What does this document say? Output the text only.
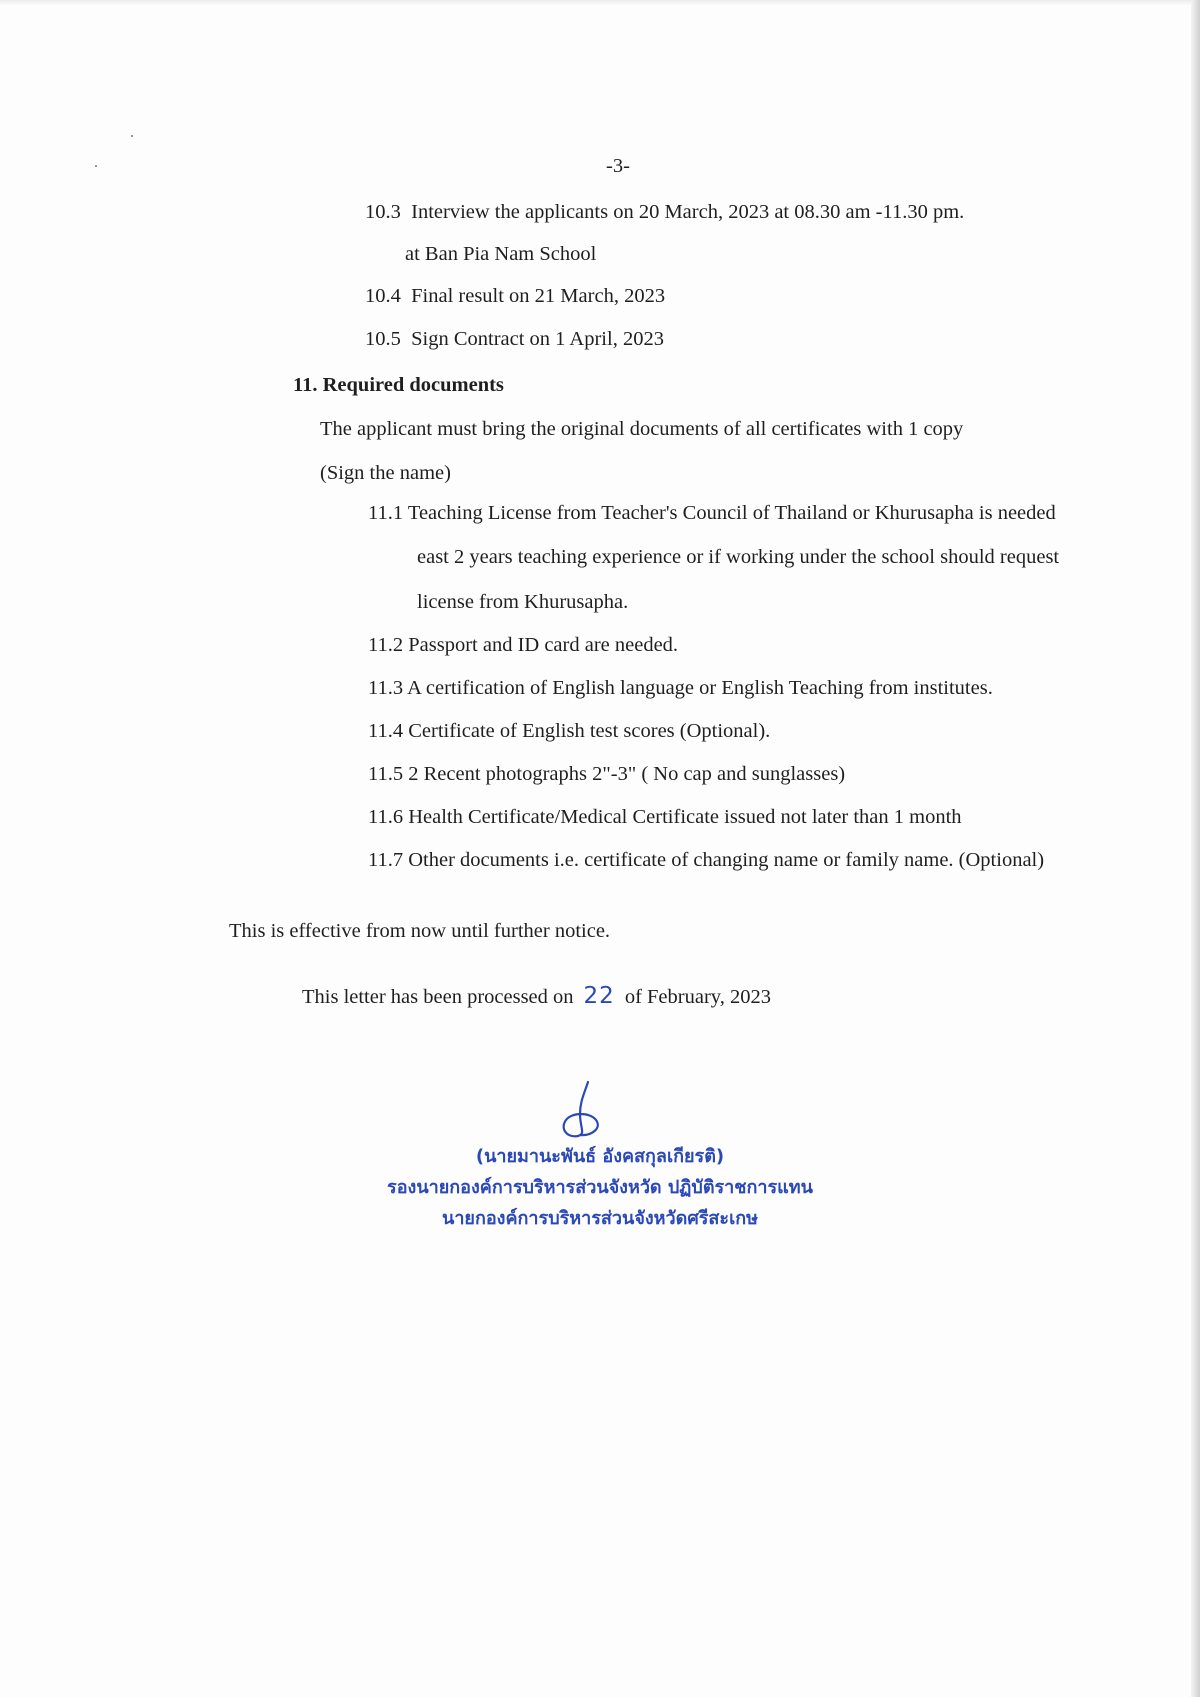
-3-
10.3 Interview the applicants on 20 March, 2023 at 08.30 am -11.30 pm.
at Ban Pia Nam School
10.4 Final result on 21 March, 2023
10.5 Sign Contract on 1 April, 2023
11. Required documents
The applicant must bring the original documents of all certificates with 1 copy
(Sign the name)
11.1 Teaching License from Teacher's Council of Thailand or Khurusapha is needed
east 2 years teaching experience or if working under the school should request
license from Khurusapha.
11.2 Passport and ID card are needed.
11.3 A certification of English language or English Teaching from institutes.
11.4 Certificate of English test scores (Optional).
11.5 2 Recent photographs 2"-3" ( No cap and sunglasses)
11.6 Health Certificate/Medical Certificate issued not later than 1 month
11.7 Other documents i.e. certificate of changing name or family name. (Optional)
This is effective from now until further notice.
This letter has been processed on 22 of February, 2023
(นายมานะพันธ์ อังคสกุลเกียรติ)
รองนายกองค์การบริหารส่วนจังหวัด ปฏิบัติราชการแทน
นายกองค์การบริหารส่วนจังหวัดศรีสะเกษ
